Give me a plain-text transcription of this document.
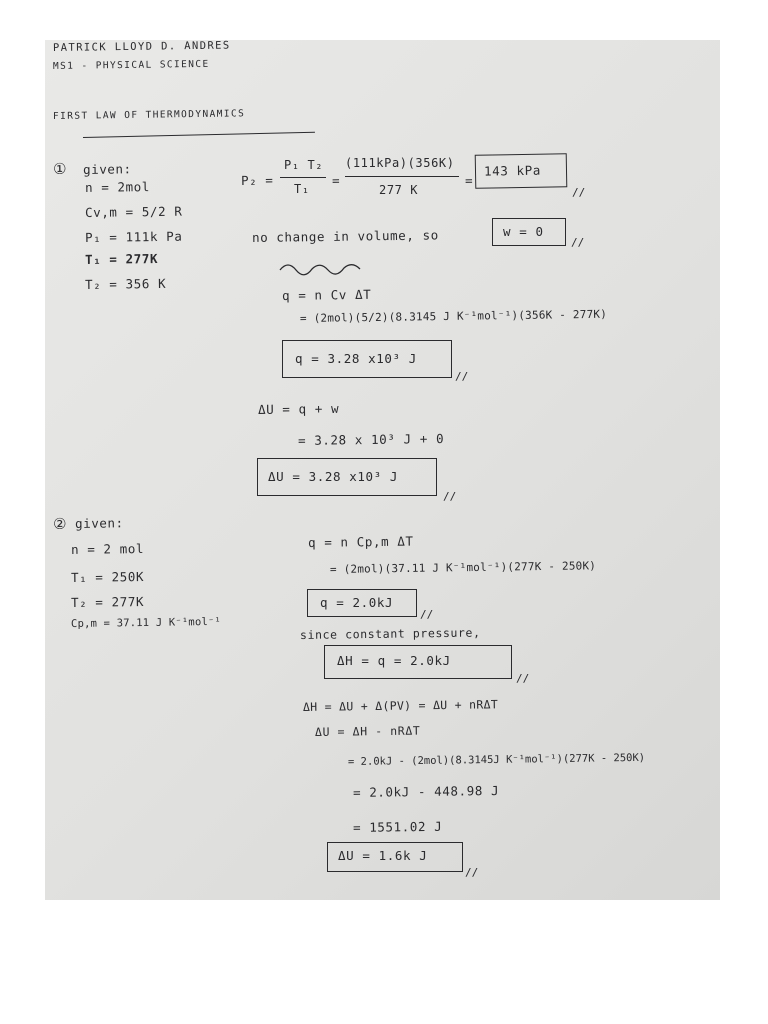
PATRICK LLOYD D. ANDRES
MS1 - PHYSICAL SCIENCE
FIRST LAW OF THERMODYNAMICS
① given:
n = 2mol
Cv,m = 5/2 R
P₁ = 111k Pa
T₁ = 277K
T₂ = 356 K
P₂ =
P₁ T₂
T₁
=
(111kPa)(356K)
277 K
=
143 kPa
//
no change in volume, so	w = 0
//
q = n Cv ΔT
= (2mol)(5/2)(8.3145 J K⁻¹mol⁻¹)(356K - 277K)
q = 3.28 x10³ J
//
ΔU = q + w
= 3.28 x 10³ J + 0
ΔU = 3.28 x10³ J
//
② given:
n = 2 mol
T₁ = 250K
T₂ = 277K
Cp,m = 37.11 J K⁻¹mol⁻¹
q = n Cp,m ΔT
= (2mol)(37.11 J K⁻¹mol⁻¹)(277K - 250K)
q = 2.0kJ
//
since constant pressure,
ΔH = q = 2.0kJ
//
ΔH = ΔU + Δ(PV) = ΔU + nRΔT
ΔU = ΔH - nRΔT
= 2.0kJ - (2mol)(8.3145J K⁻¹mol⁻¹)(277K - 250K)
= 2.0kJ - 448.98 J
= 1551.02 J
ΔU = 1.6k J
//
